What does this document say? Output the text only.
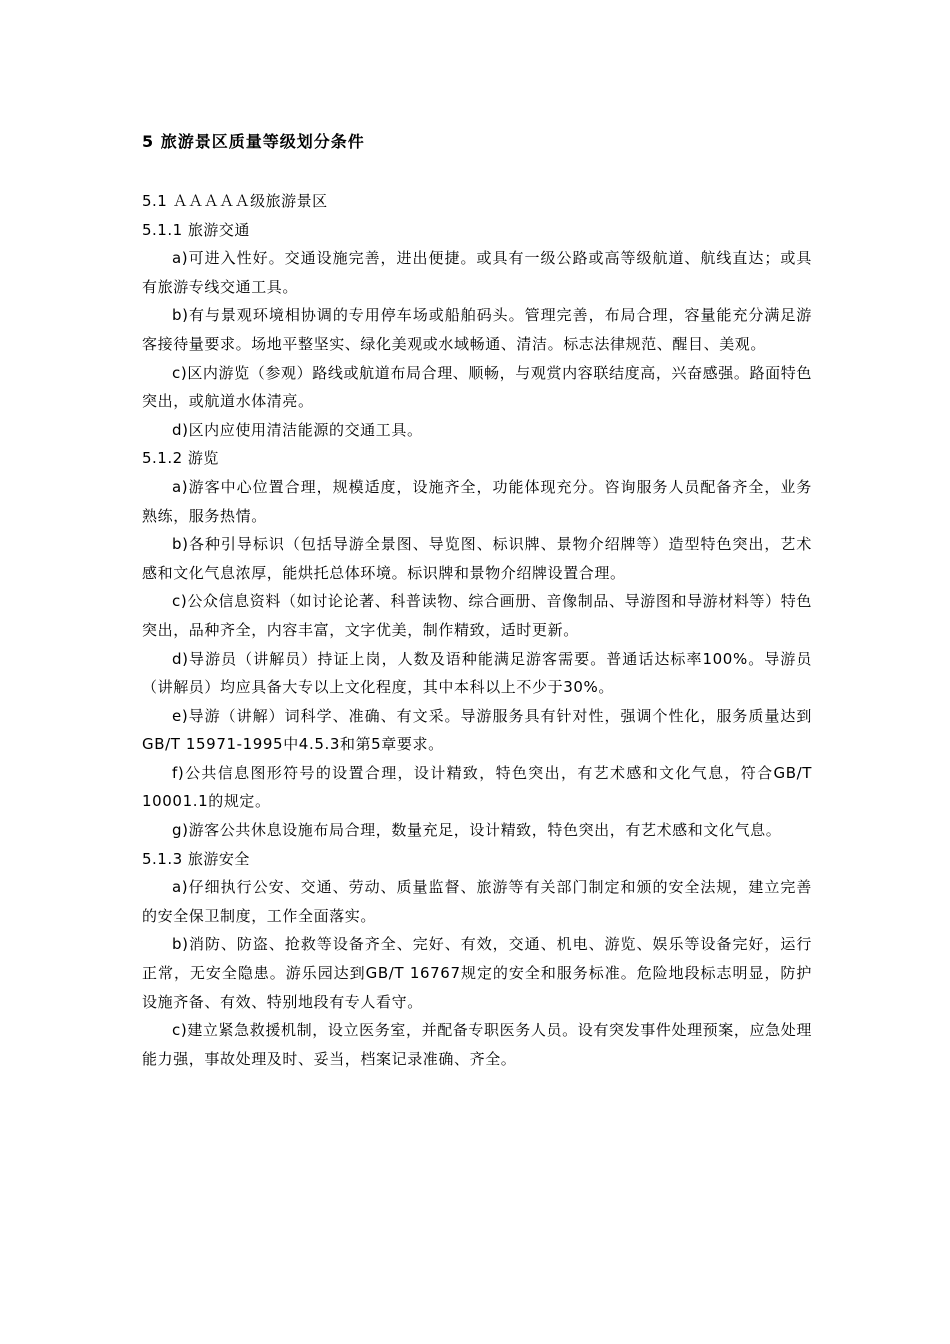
5 旅游景区质量等级划分条件
5.1 ＡＡＡＡＡ级旅游景区
5.1.1 旅游交通

a)可进入性好。交通设施完善，进出便捷。或具有一级公路或高等级航道、航线直达；或具有旅游专线交通工具。

b)有与景观环境相协调的专用停车场或船舶码头。管理完善，布局合理，容量能充分满足游客接待量要求。场地平整坚实、绿化美观或水域畅通、清洁。标志法律规范、醒目、美观。

c)区内游览（参观）路线或航道布局合理、顺畅，与观赏内容联结度高，兴奋感强。路面特色突出，或航道水体清亮。

d)区内应使用清洁能源的交通工具。

5.1.2 游览

a)游客中心位置合理，规模适度，设施齐全，功能体现充分。咨询服务人员配备齐全，业务熟练，服务热情。

b)各种引导标识（包括导游全景图、导览图、标识牌、景物介绍牌等）造型特色突出，艺术感和文化气息浓厚，能烘托总体环境。标识牌和景物介绍牌设置合理。

c)公众信息资料（如讨论论著、科普读物、综合画册、音像制品、导游图和导游材料等）特色突出，品种齐全，内容丰富，文字优美，制作精致，适时更新。

d)导游员（讲解员）持证上岗，人数及语种能满足游客需要。普通话达标率100%。导游员（讲解员）均应具备大专以上文化程度，其中本科以上不少于30%。

e)导游（讲解）词科学、准确、有文采。导游服务具有针对性，强调个性化，服务质量达到GB/T 15971-1995中4.5.3和第5章要求。

f)公共信息图形符号的设置合理，设计精致，特色突出，有艺术感和文化气息，符合GB/T 10001.1的规定。

g)游客公共休息设施布局合理，数量充足，设计精致，特色突出，有艺术感和文化气息。

5.1.3 旅游安全

a)仔细执行公安、交通、劳动、质量监督、旅游等有关部门制定和颁的安全法规，建立完善的安全保卫制度，工作全面落实。

b)消防、防盗、抢救等设备齐全、完好、有效，交通、机电、游览、娱乐等设备完好，运行正常，无安全隐患。游乐园达到GB/T 16767规定的安全和服务标准。危险地段标志明显，防护设施齐备、有效、特别地段有专人看守。

c)建立紧急救援机制，设立医务室，并配备专职医务人员。设有突发事件处理预案，应急处理能力强，事故处理及时、妥当，档案记录准确、齐全。
